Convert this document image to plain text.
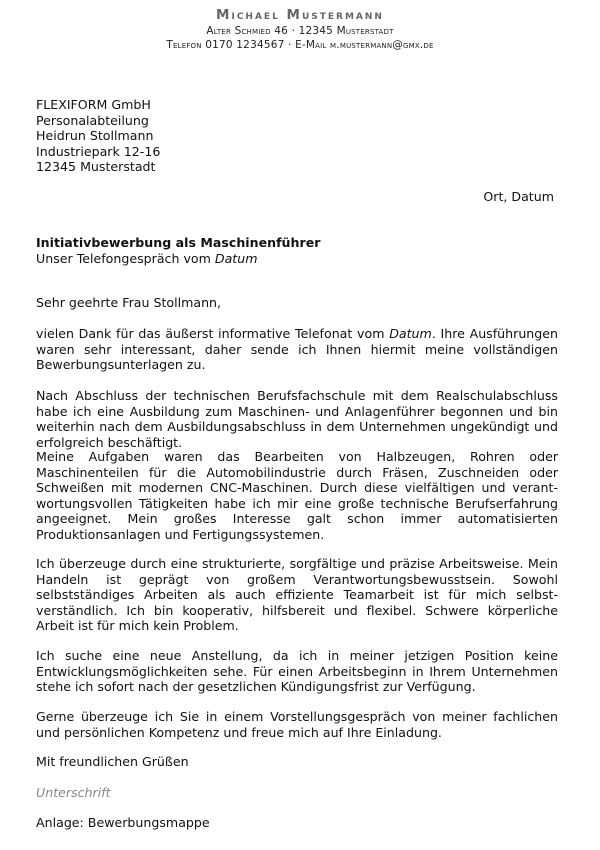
Michael Mustermann
Alter Schmied 46 · 12345 Musterstadt
Telefon 0170 1234567 · E-Mail m.mustermann@gmx.de
FLEXIFORM GmbH
Personalabteilung
Heidrun Stollmann
Industriepark 12-16
12345 Musterstadt
Ort, Datum
Initiativbewerbung als Maschinenführer
Unser Telefongespräch vom Datum
Sehr geehrte Frau Stollmann,
vielen Dank für das äußerst informative Telefonat vom Datum. Ihre Ausführungen waren sehr interessant, daher sende ich Ihnen hiermit meine vollständigen Bewerbungsunterlagen zu.
Nach Abschluss der technischen Berufsfachschule mit dem Realschulabschluss habe ich eine Ausbildung zum Maschinen- und Anlagenführer begonnen und bin weiterhin nach dem Ausbildungsabschluss in dem Unternehmen ungekündigt und erfolgreich beschäftigt.
Meine Aufgaben waren das Bearbeiten von Halbzeugen, Rohren oder Maschinenteilen für die Automobilindustrie durch Fräsen, Zuschneiden oder Schweißen mit modernen CNC-Maschinen. Durch diese vielfältigen und verant-wortungsvollen Tätigkeiten habe ich mir eine große technische Berufserfahrung angeeignet. Mein großes Interesse galt schon immer automatisierten Produktionsanlagen und Fertigungssystemen.
Ich überzeuge durch eine strukturierte, sorgfältige und präzise Arbeitsweise. Mein Handeln ist geprägt von großem Verantwortungsbewusstsein. Sowohl selbstständiges Arbeiten als auch effiziente Teamarbeit ist für mich selbst-verständlich. Ich bin kooperativ, hilfsbereit und flexibel. Schwere körperliche Arbeit ist für mich kein Problem.
Ich suche eine neue Anstellung, da ich in meiner jetzigen Position keine Entwicklungsmöglichkeiten sehe. Für einen Arbeitsbeginn in Ihrem Unternehmen stehe ich sofort nach der gesetzlichen Kündigungsfrist zur Verfügung.
Gerne überzeuge ich Sie in einem Vorstellungsgespräch von meiner fachlichen und persönlichen Kompetenz und freue mich auf Ihre Einladung.
Mit freundlichen Grüßen
Unterschrift
Anlage: Bewerbungsmappe
